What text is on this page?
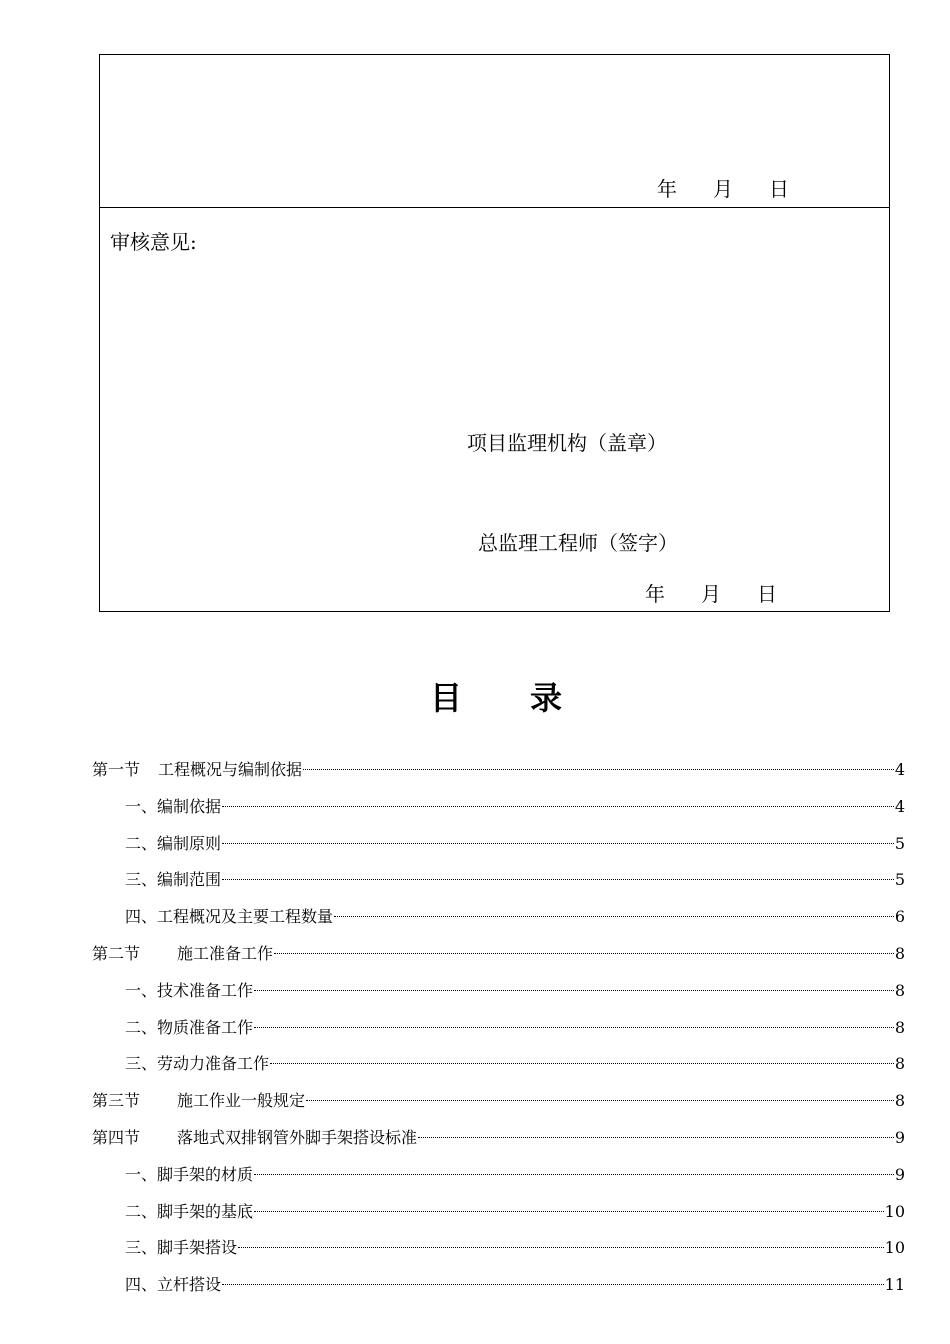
年 月 日
审核意见:
项目监理机构（盖章）
总监理工程师（签字）
年 月 日
目 录
第一节 工程概况与编制依据	4
一、编制依据	4
二、编制原则	5
三、编制范围	5
四、工程概况及主要工程数量	6
第二节 施工准备工作	8
一、技术准备工作	8
二、物质准备工作	8
三、劳动力准备工作	8
第三节 施工作业一般规定	8
第四节 落地式双排钢管外脚手架搭设标准	9
一、脚手架的材质	9
二、脚手架的基底	10
三、脚手架搭设	10
四、立杆搭设	11
